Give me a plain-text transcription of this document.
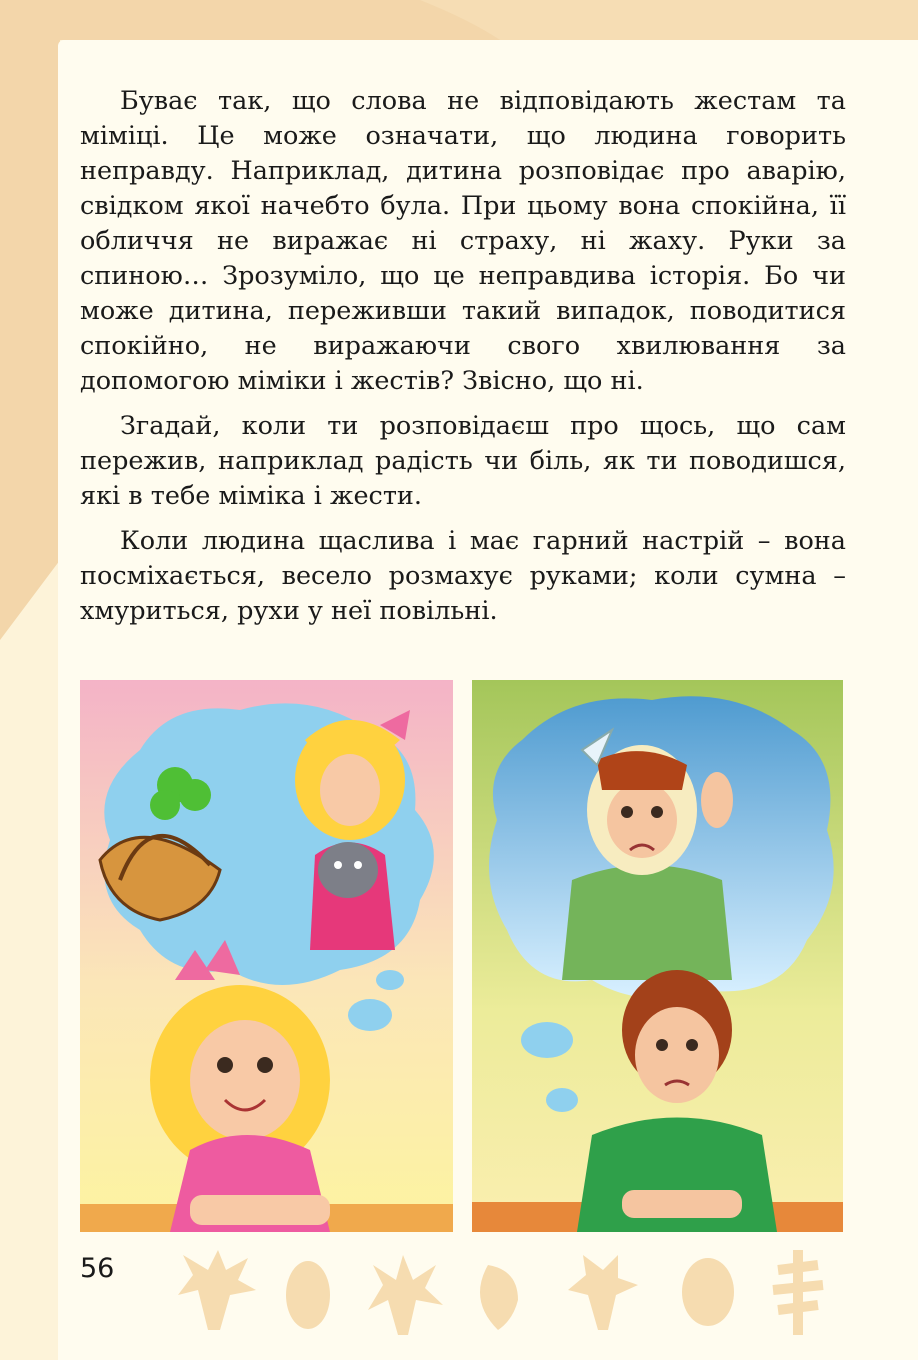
Буває так, що слова не відповідають жестам та міміці. Це може означати, що людина говорить неправду. Наприклад, дитина розповідає про аварію, свідком якої начебто була. При цьому вона спокійна, її обличчя не виражає ні страху, ні жаху. Руки за спиною… Зрозуміло, що це неправдива історія. Бо чи може дитина, переживши такий випадок, поводитися спокійно, не виражаючи свого хвилювання за допомогою міміки і жестів? Звісно, що ні.

Згадай, коли ти розповідаєш про щось, що сам пережив, наприклад радість чи біль, як ти поводишся, які в тебе міміка і жести.

Коли людина щаслива і має гарний настрій – вона посміхається, весело розмахує руками; коли сумна – хмуриться, рухи у неї повільні.

56
